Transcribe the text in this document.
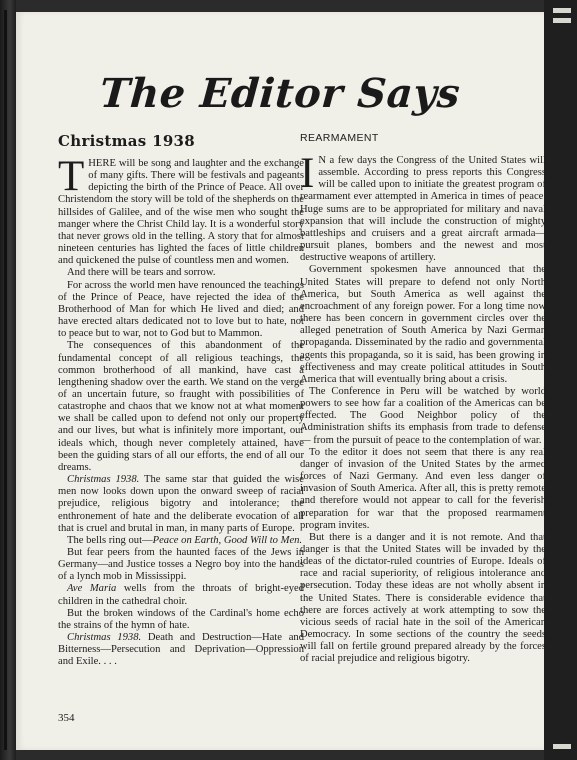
The Editor Says
Christmas 1938

THERE will be song and laughter and the exchange of many gifts. There will be festivals and pageants depicting the birth of the Prince of Peace. All over Christendom the story will be told of the shepherds on the hillsides of Galilee, and of the wise men who sought the manger where the Christ Child lay. It is a wonderful story that never grows old in the telling. A story that for almost nineteen centuries has lighted the faces of little children and quickened the pulse of countless men and women.

And there will be tears and sorrow.

For across the world men have renounced the teachings of the Prince of Peace, have rejected the idea of the Brotherhood of Man for which He lived and died; and have erected altars dedicated not to love but to hate, not to peace but to war, not to God but to Mammon.

The consequences of this abandonment of the fundamental concept of all religious teachings, the common brotherhood of all mankind, have cast a lengthening shadow over the earth. We stand on the verge of an uncertain future, so fraught with possibilities of catastrophe and chaos that we know not at what moment we shall be called upon to defend not only our property and our lives, but what is infinitely more important, our ideals which, though never completely attained, have been the guiding stars of all our efforts, the end of all our dreams.

Christmas 1938. The same star that guided the wise men now looks down upon the onward sweep of racial prejudice, religious bigotry and intolerance; the enthronement of hate and the deliberate evocation of all that is cruel and brutal in man, in many parts of Europe.

The bells ring out—Peace on Earth, Good Will to Men.

But fear peers from the haunted faces of the Jews in Germany—and Justice tosses a Negro boy into the hands of a lynch mob in Mississippi.

Ave Maria wells from the throats of bright-eyed children in the cathedral choir.

But the broken windows of the Cardinal's home echo the strains of the hymn of hate.

Christmas 1938. Death and Destruction—Hate and Bitterness—Persecution and Deprivation—Oppression and Exile. . . .

REARMAMENT

I N a few days the Congress of the United States will assemble. According to press reports this Congress will be called upon to initiate the greatest program of rearmament ever attempted in America in times of peace. Huge sums are to be appropriated for military and naval expansion that will include the construction of mighty battleships and cruisers and a great aircraft armada—pursuit planes, bombers and the newest and most destructive weapons of artillery.

Government spokesmen have announced that the United States will prepare to defend not only North America, but South America as well against the encroachment of any foreign power. For a long time now there has been concern in government circles over the alleged penetration of South America by Nazi German propaganda. Disseminated by the radio and governmental agents this propaganda, so it is said, has been growing in effectiveness and may create political attitudes in South America that will eventually bring about a crisis.

The Conference in Peru will be watched by world powers to see how far a coalition of the Americas can be effected. The Good Neighbor policy of the Administration shifts its emphasis from trade to defense — from the pursuit of peace to the contemplation of war.

To the editor it does not seem that there is any real danger of invasion of the United States by the armed forces of Nazi Germany. And even less danger of invasion of South America. After all, this is pretty remote and therefore would not appear to call for the feverish preparation for war that the proposed rearmament program invites.

But there is a danger and it is not remote. And that danger is that the United States will be invaded by the ideas of the dictator-ruled countries of Europe. Ideals of race and racial superiority, of religious intolerance and persecution. Today these ideas are not wholly absent in the United States. There is considerable evidence that there are forces actively at work attempting to sow the vicious seeds of racial hate in the soil of the American Democracy. In some sections of the country the seeds will fall on fertile ground prepared already by the forces of racial prejudice and religious bigotry.

354
